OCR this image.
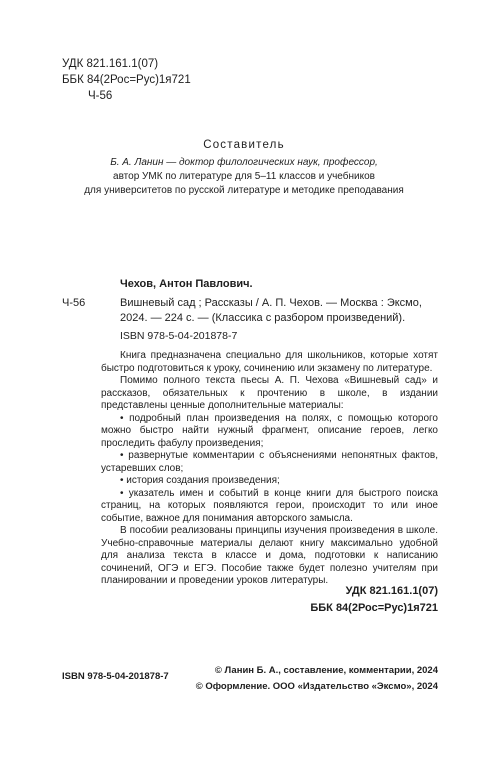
УДК 821.161.1(07)
ББК 84(2Рос=Рус)1я721
Ч-56
Составитель
Б. А. Ланин — доктор филологических наук, профессор,
автор УМК по литературе для 5–11 классов и учебников
для университетов по русской литературе и методике преподавания
Чехов, Антон Павлович.
Ч-56	Вишневый сад ; Рассказы / А. П. Чехов. — Москва : Эксмо,
2024. — 224 с. — (Классика с разбором произведений).
ISBN 978-5-04-201878-7

Книга предназначена специально для школьников, которые хотят быстро подготовиться к уроку, сочинению или экзамену по литературе.

Помимо полного текста пьесы А. П. Чехова «Вишневый сад» и рассказов, обязательных к прочтению в школе, в издании представлены ценные дополнительные материалы:

• подробный план произведения на полях, с помощью которого можно быстро найти нужный фрагмент, описание героев, легко проследить фабулу произведения;

• развернутые комментарии с объяснениями непонятных фактов, устаревших слов;

• история создания произведения;

• указатель имен и событий в конце книги для быстрого поиска страниц, на которых появляются герои, происходит то или иное событие, важное для понимания авторского замысла.

В пособии реализованы принципы изучения произведения в школе. Учебно-справочные материалы делают книгу максимально удобной для анализа текста в классе и дома, подготовки к написанию сочинений, ОГЭ и ЕГЭ. Пособие также будет полезно учителям при планировании и проведении уроков литературы.

УДК 821.161.1(07)
ББК 84(2Рос=Рус)1я721
ISBN 978-5-04-201878-7
© Ланин Б. А., составление, комментарии, 2024
© Оформление. ООО «Издательство «Эксмо», 2024
